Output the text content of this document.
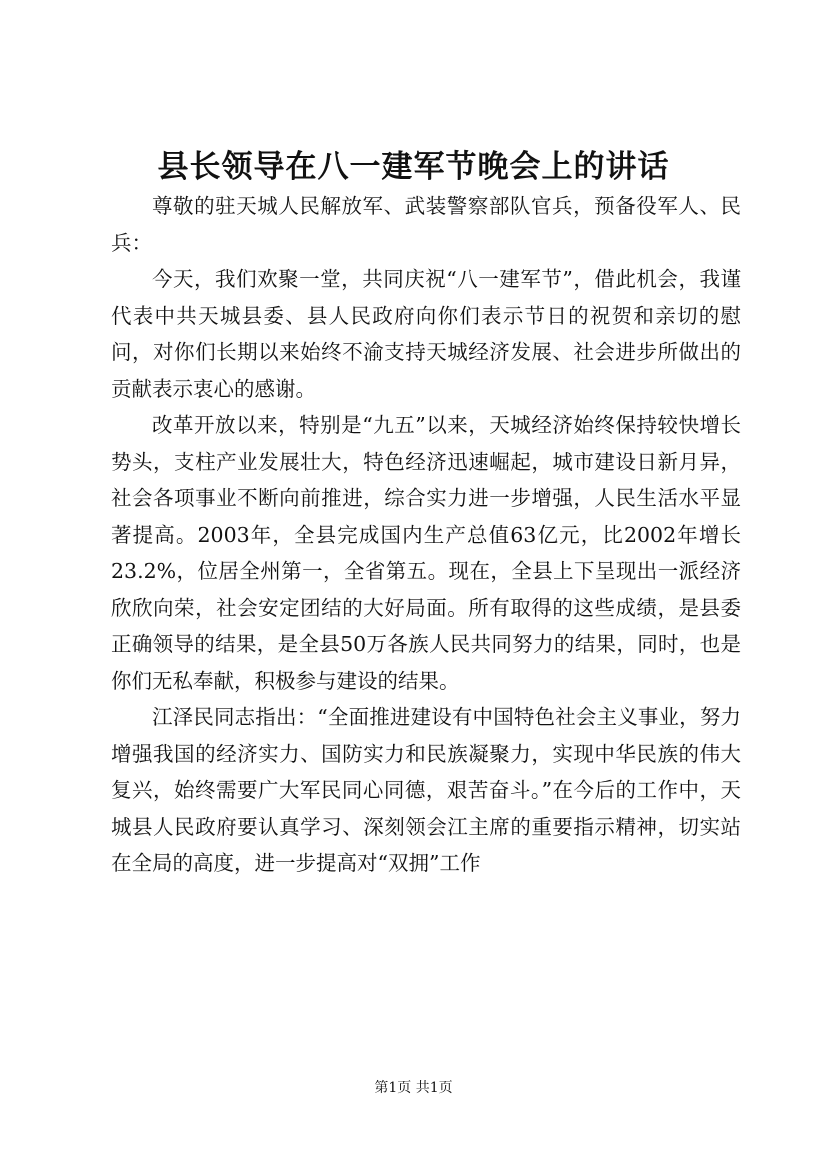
县长领导在八一建军节晚会上的讲话

尊敬的驻天城人民解放军、武装警察部队官兵，预备役军人、民兵：

今天，我们欢聚一堂，共同庆祝“八一建军节”，借此机会，我谨代表中共天城县委、县人民政府向你们表示节日的祝贺和亲切的慰问，对你们长期以来始终不渝支持天城经济发展、社会进步所做出的贡献表示衷心的感谢。

改革开放以来，特别是“九五”以来，天城经济始终保持较快增长势头，支柱产业发展壮大，特色经济迅速崛起，城市建设日新月异，社会各项事业不断向前推进，综合实力进一步增强，人民生活水平显著提高。2003年，全县完成国内生产总值63亿元，比2002年增长23.2%，位居全州第一，全省第五。现在，全县上下呈现出一派经济欣欣向荣，社会安定团结的大好局面。所有取得的这些成绩，是县委正确领导的结果，是全县50万各族人民共同努力的结果，同时，也是你们无私奉献，积极参与建设的结果。

江泽民同志指出：“全面推进建设有中国特色社会主义事业，努力增强我国的经济实力、国防实力和民族凝聚力，实现中华民族的伟大复兴，始终需要广大军民同心同德，艰苦奋斗。”在今后的工作中，天城县人民政府要认真学习、深刻领会江主席的重要指示精神，切实站在全局的高度，进一步提高对“双拥”工作

第1页 共1页
